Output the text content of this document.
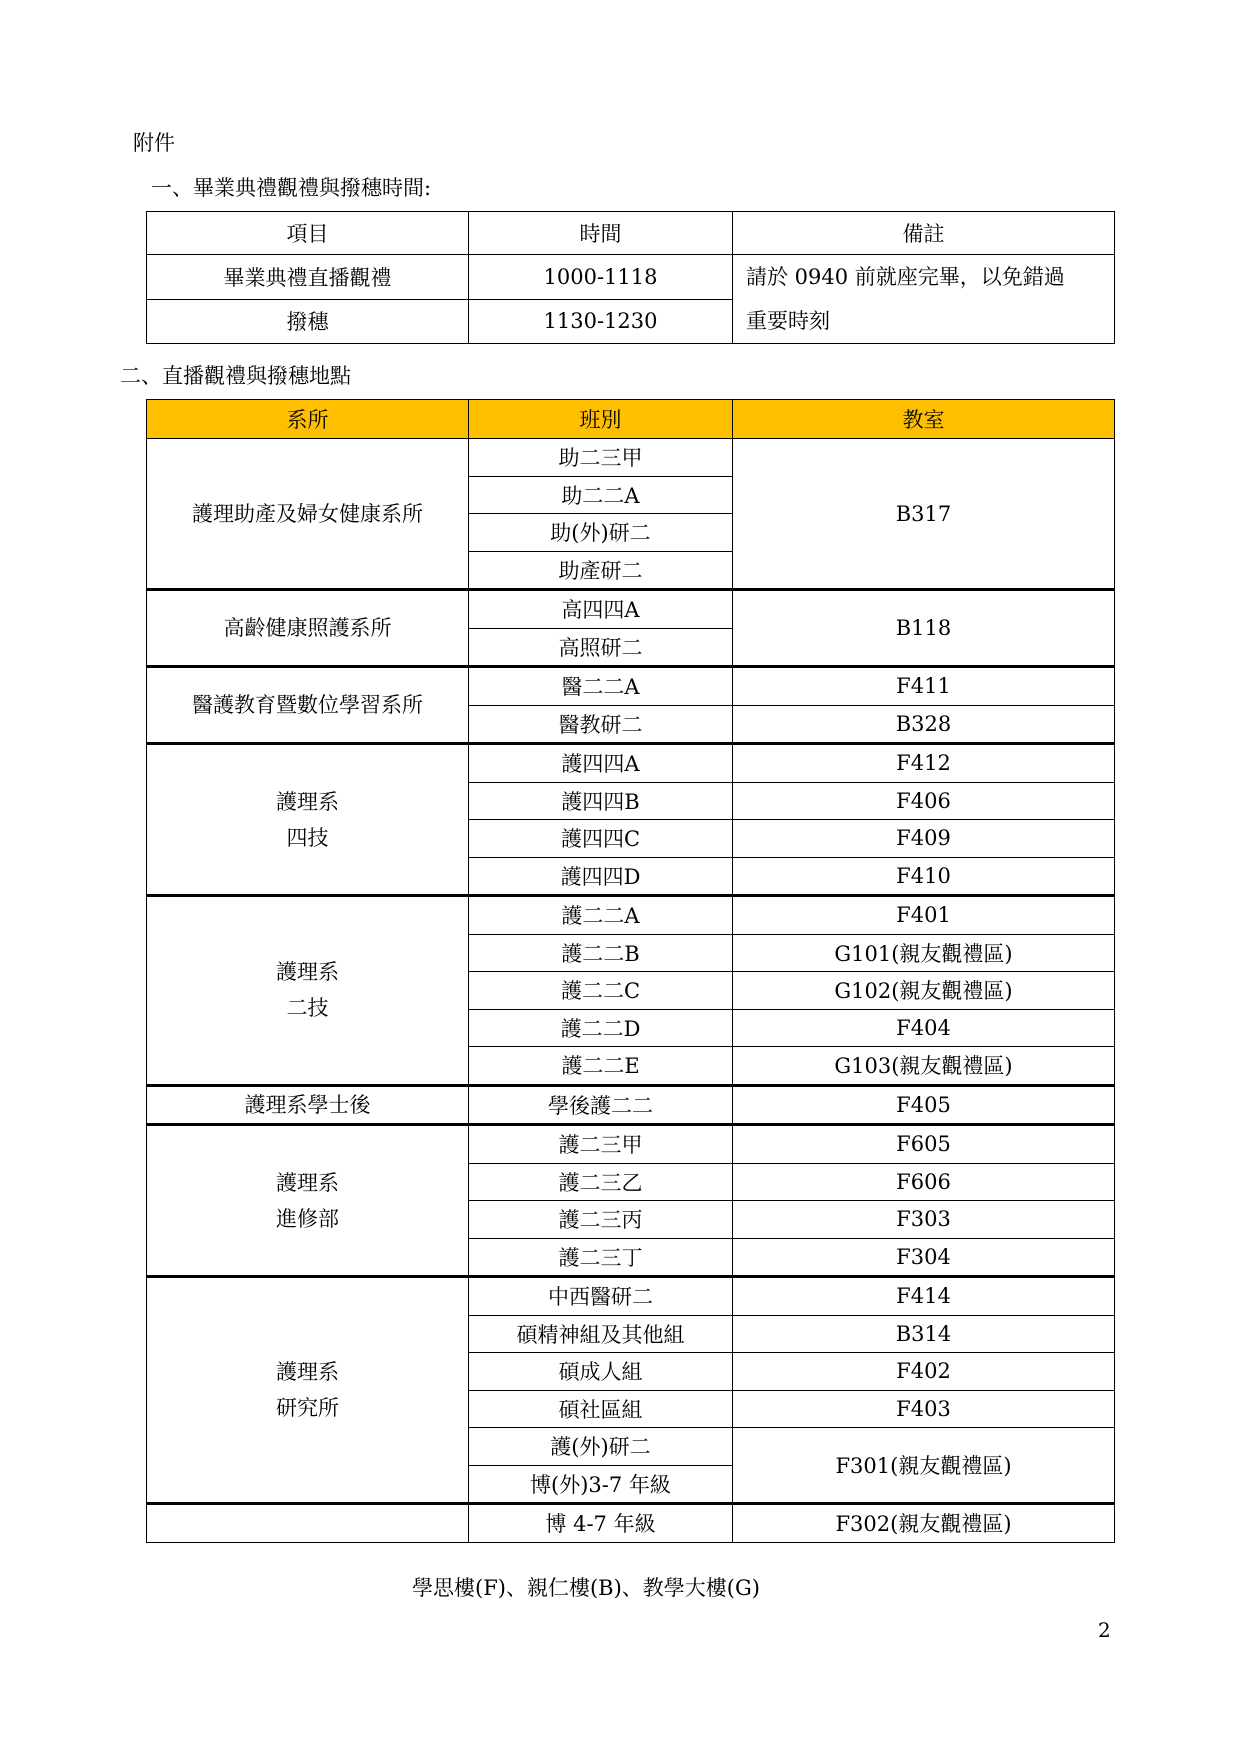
附件
一、畢業典禮觀禮與撥穗時間:
項目	時間	備註
畢業典禮直播觀禮	1000-1118	請於 0940 前就座完畢，以免錯過
重要時刻
撥穗	1130-1230	
二、直播觀禮與撥穗地點
系所	班別	教室
護理助產及婦女健康系所	助二三甲	B317
	助二二A	
	助(外)研二	
	助產研二	
高齡健康照護系所	高四四A	B118
	高照研二	
醫護教育暨數位學習系所	醫二二A	F411
	醫教研二	B328
護理系
四技	護四四A	F412
	護四四B	F406
	護四四C	F409
	護四四D	F410
護理系
二技	護二二A	F401
	護二二B	G101(親友觀禮區)
	護二二C	G102(親友觀禮區)
	護二二D	F404
	護二二E	G103(親友觀禮區)
護理系學士後	學後護二二	F405
護理系
進修部	護二三甲	F605
	護二三乙	F606
	護二三丙	F303
	護二三丁	F304
護理系
研究所	中西醫研二	F414
	碩精神組及其他組	B314
	碩成人組	F402
	碩社區組	F403
	護(外)研二	F301(親友觀禮區)
	博(外)3-7 年級	
	博 4-7 年級	F302(親友觀禮區)
學思樓(F)、親仁樓(B)、教學大樓(G)
2
